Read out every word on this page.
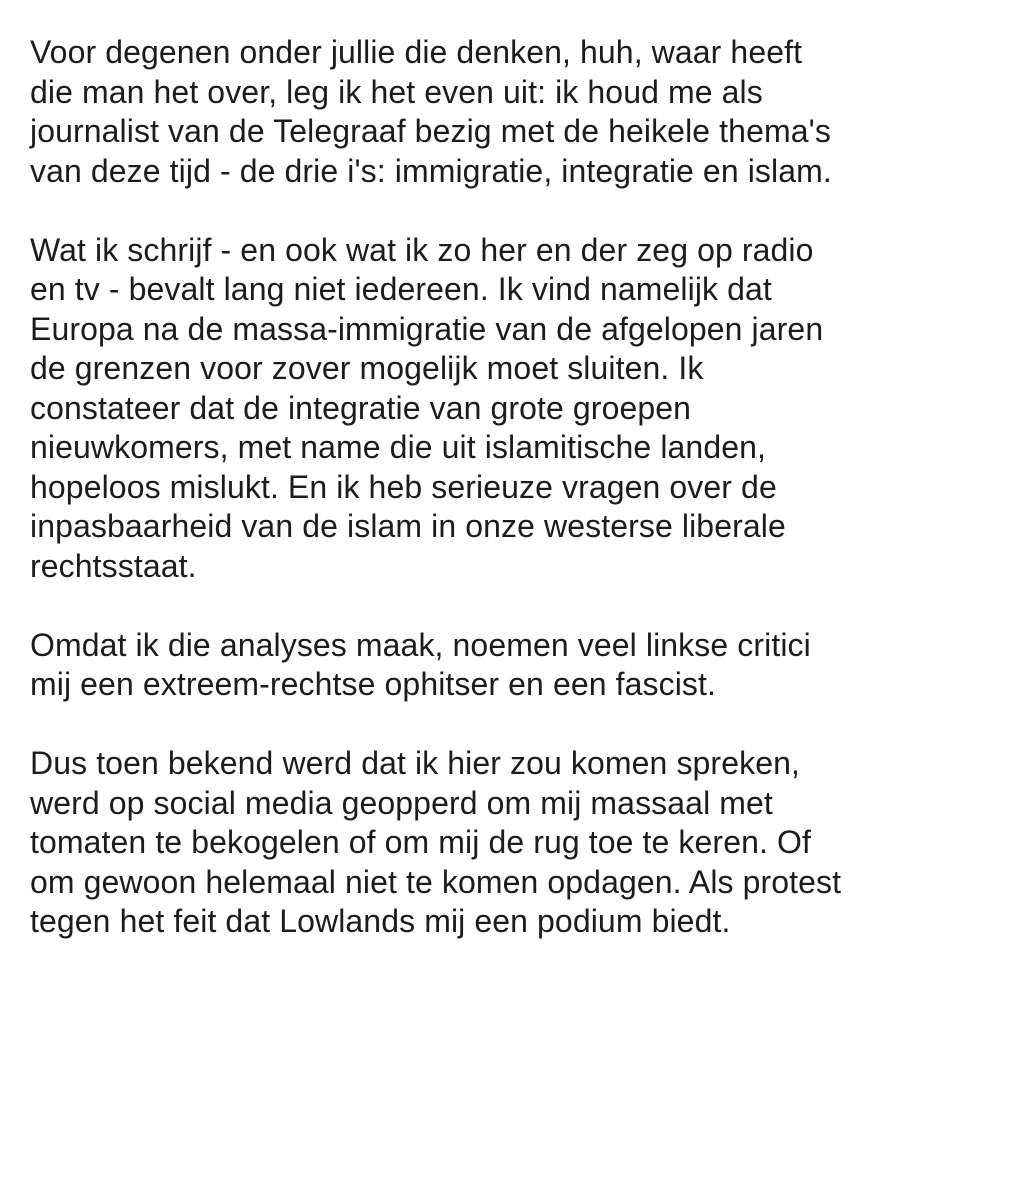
Voor degenen onder jullie die denken, huh, waar heeft
die man het over, leg ik het even uit: ik houd me als
journalist van de Telegraaf bezig met de heikele thema's
van deze tijd - de drie i's: immigratie, integratie en islam.

Wat ik schrijf - en ook wat ik zo her en der zeg op radio
en tv - bevalt lang niet iedereen. Ik vind namelijk dat
Europa na de massa-immigratie van de afgelopen jaren
de grenzen voor zover mogelijk moet sluiten. Ik
constateer dat de integratie van grote groepen
nieuwkomers, met name die uit islamitische landen,
hopeloos mislukt. En ik heb serieuze vragen over de
inpasbaarheid van de islam in onze westerse liberale
rechtsstaat.

Omdat ik die analyses maak, noemen veel linkse critici
mij een extreem-rechtse ophitser en een fascist.

Dus toen bekend werd dat ik hier zou komen spreken,
werd op social media geopperd om mij massaal met
tomaten te bekogelen of om mij de rug toe te keren. Of
om gewoon helemaal niet te komen opdagen. Als protest
tegen het feit dat Lowlands mij een podium biedt.
